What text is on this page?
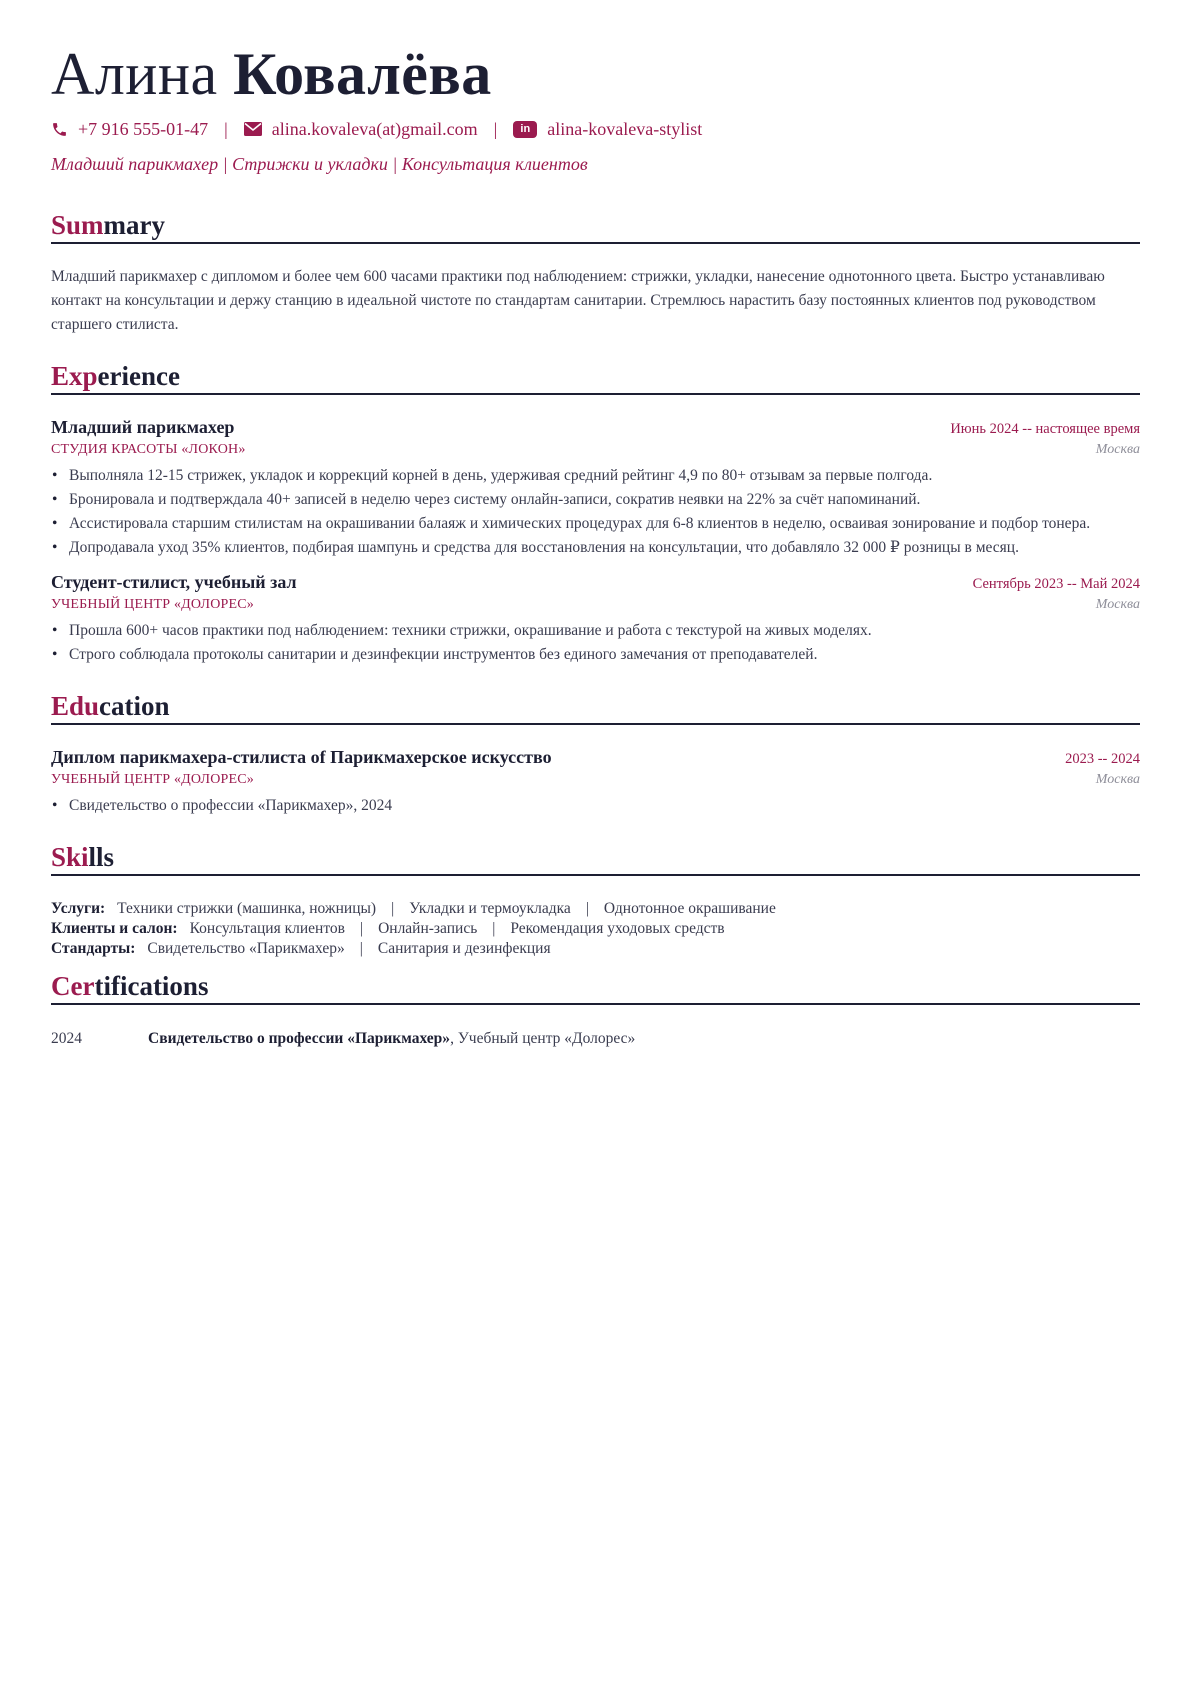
Алина Ковалёва
+7 916 555-01-47 | alina.kovaleva(at)gmail.com |	in alina-kovaleva-stylist
Младший парикмахер | Стрижки и укладки | Консультация клиентов
Summary

Младший парикмахер с дипломом и более чем 600 часами практики под наблюдением: стрижки, укладки, нанесение однотонного цвета. Быстро устанавливаю контакт на консультации и держу станцию в идеальной чистоте по стандартам санитарии. Стремлюсь нарастить базу постоянных клиентов под руководством старшего стилиста.

Experience
Младший парикмахер	Июнь 2024 -- настоящее время
СТУДИЯ КРАСОТЫ «ЛОКОН»	Москва
• Выполняла 12-15 стрижек, укладок и коррекций корней в день, удерживая средний рейтинг 4,9 по 80+ отзывам за первые полгода.
• Бронировала и подтверждала 40+ записей в неделю через систему онлайн-записи, сократив неявки на 22% за счёт напоминаний.
• Ассистировала старшим стилистам на окрашивании балаяж и химических процедурах для 6-8 клиентов в неделю, осваивая зонирование и подбор тонера.
• Допродавала уход 35% клиентов, подбирая шампунь и средства для восстановления на консультации, что добавляло 32 000 ₽ розницы в месяц.
Студент-стилист, учебный зал	Сентябрь 2023 -- Май 2024
УЧЕБНЫЙ ЦЕНТР «ДОЛОРЕС»	Москва
• Прошла 600+ часов практики под наблюдением: техники стрижки, окрашивание и работа с текстурой на живых моделях.
• Строго соблюдала протоколы санитарии и дезинфекции инструментов без единого замечания от преподавателей.
Education
Диплом парикмахера-стилиста of Парикмахерское искусство	2023 -- 2024
УЧЕБНЫЙ ЦЕНТР «ДОЛОРЕС»	Москва
• Свидетельство о профессии «Парикмахер», 2024
Skills
Услуги: Техники стрижки (машинка, ножницы) | Укладки и термоукладка | Однотонное окрашивание
Клиенты и салон: Консультация клиентов | Онлайн-запись | Рекомендация уходовых средств
Стандарты: Свидетельство «Парикмахер» | Санитария и дезинфекция
Certifications
2024	Свидетельство о профессии «Парикмахер», Учебный центр «Долорес»
